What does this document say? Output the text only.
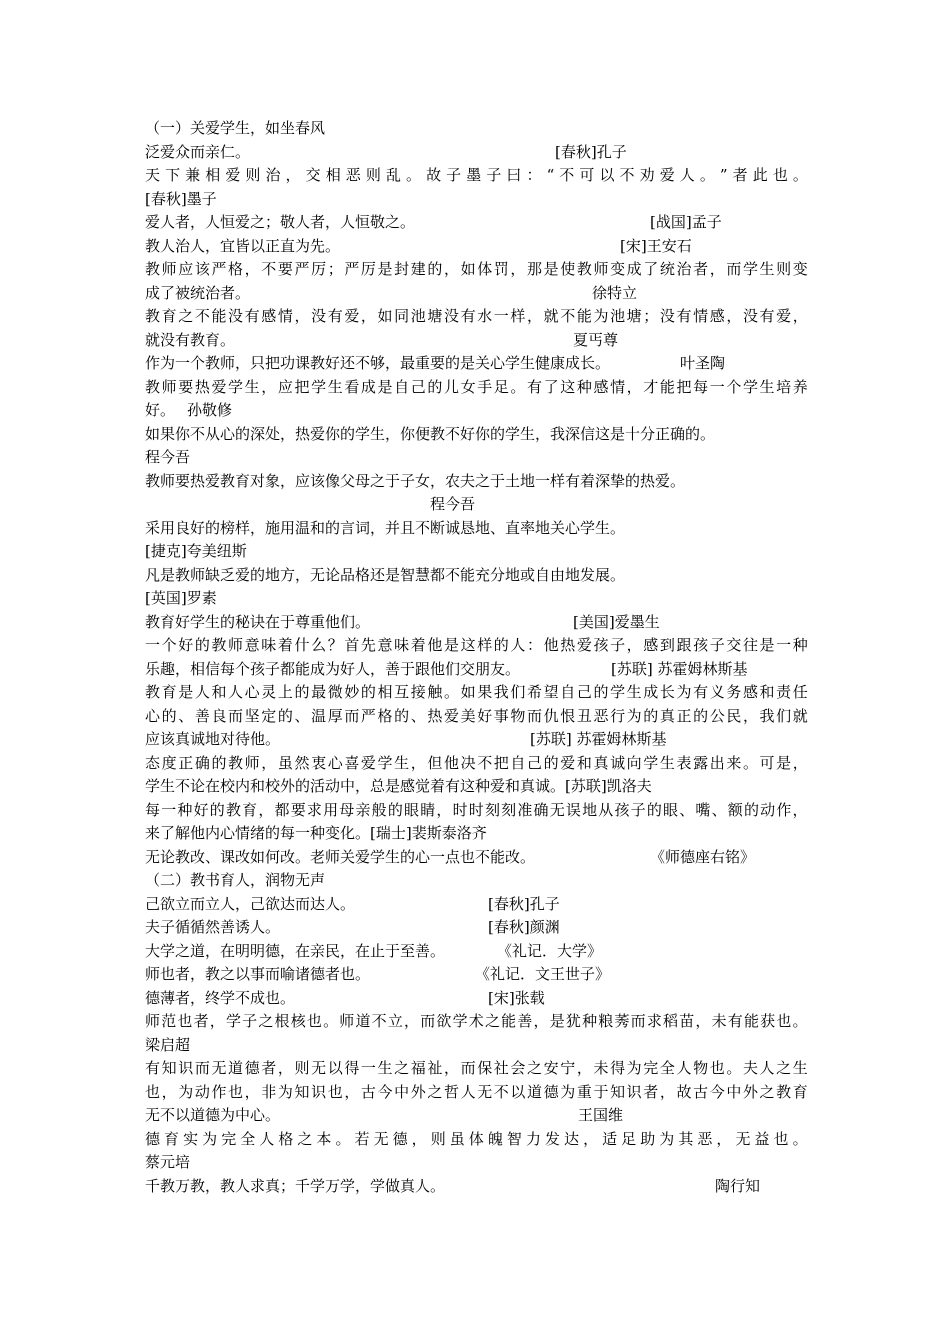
（一）关爱学生，如坐春风
泛爱众而亲仁。	[春秋]孔子
天 下 兼 相 爱 则 治 ， 交 相 恶 则 乱 。 故 子 墨 子 曰 ： “ 不 可 以 不 劝 爱 人 。 ” 者 此 也 。
[春秋]墨子
爱人者，人恒爱之；敬人者，人恒敬之。	[战国]孟子
教人治人，宜皆以正直为先。	[宋]王安石
教 师 应 该 严 格 ， 不 要 严 厉 ； 严 厉 是 封 建 的 ， 如 体 罚 ， 那 是 使 教 师 变 成 了 统 治 者 ， 而 学 生 则 变
成了被统治者。	徐特立
教 育 之 不 能 没 有 感 情 ， 没 有 爱 ， 如 同 池 塘 没 有 水 一 样 ， 就 不 能 为 池 塘 ； 没 有 情 感 ， 没 有 爱 ，
就没有教育。	夏丐尊
作为一个教师，只把功课教好还不够，最重要的是关心学生健康成长。	叶圣陶
教 师 要 热 爱 学 生 ， 应 把 学 生 看 成 是 自 己 的 儿 女 手 足 。 有 了 这 种 感 情 ， 才 能 把 每 一 个 学 生 培 养
好。 孙敬修
如果你不从心的深处，热爱你的学生，你便教不好你的学生，我深信这是十分正确的。
程今吾
教师要热爱教育对象，应该像父母之于子女，农夫之于土地一样有着深挚的热爱。
程今吾
采用良好的榜样，施用温和的言词，并且不断诚恳地、直率地关心学生。
[捷克]夸美纽斯
凡是教师缺乏爱的地方，无论品格还是智慧都不能充分地或自由地发展。
[英国]罗素
教育好学生的秘诀在于尊重他们。	[美国]爱墨生
一 个 好 的 教 师 意 味 着 什 么 ？ 首 先 意 味 着 他 是 这 样 的 人 ： 他 热 爱 孩 子 ， 感 到 跟 孩 子 交 往 是 一 种
乐趣，相信每个孩子都能成为好人，善于跟他们交朋友。	[苏联] 苏霍姆林斯基
教 育 是 人 和 人 心 灵 上 的 最 微 妙 的 相 互 接 触 。 如 果 我 们 希 望 自 己 的 学 生 成 长 为 有 义 务 感 和 责 任
心 的 、 善 良 而 坚 定 的 、 温 厚 而 严 格 的 、 热 爱 美 好 事 物 而 仇 恨 丑 恶 行 为 的 真 正 的 公 民 ， 我 们 就
应该真诚地对待他。	[苏联] 苏霍姆林斯基
态 度 正 确 的 教 师 ， 虽 然 衷 心 喜 爱 学 生 ， 但 他 决 不 把 自 己 的 爱 和 真 诚 向 学 生 表 露 出 来 。 可 是 ，
学生不论在校内和校外的活动中，总是感觉着有这种爱和真诚。[苏联]凯洛夫
每 一 种 好 的 教 育 ， 都 要 求 用 母 亲 般 的 眼 睛 ， 时 时 刻 刻 准 确 无 误 地 从 孩 子 的 眼 、 嘴 、 额 的 动 作 ，
来了解他内心情绪的每一种变化。[瑞士]裴斯泰洛齐
无论教改、课改如何改。老师关爱学生的心一点也不能改。	《师德座右铭》
（二）教书育人，润物无声
己欲立而立人，己欲达而达人。	[春秋]孔子
夫子循循然善诱人。	[春秋]颜渊
大学之道，在明明德，在亲民，在止于至善。	《礼记．大学》
师也者，教之以事而喻诸德者也。	《礼记．文王世子》
德薄者，终学不成也。	[宋]张载
师 范 也 者 ， 学 子 之 根 核 也 。 师 道 不 立 ， 而 欲 学 术 之 能 善 ， 是 犹 种 粮 莠 而 求 稻 苗 ， 未 有 能 获 也 。
梁启超
有 知 识 而 无 道 德 者 ， 则 无 以 得 一 生 之 福 祉 ， 而 保 社 会 之 安 宁 ， 未 得 为 完 全 人 物 也 。 夫 人 之 生
也 ， 为 动 作 也 ， 非 为 知 识 也 ， 古 今 中 外 之 哲 人 无 不 以 道 德 为 重 于 知 识 者 ， 故 古 今 中 外 之 教 育
无不以道德为中心。	王国维
德 育 实 为 完 全 人 格 之 本 。 若 无 德 ， 则 虽 体 魄 智 力 发 达 ， 适 足 助 为 其 恶 ， 无 益 也 。
蔡元培
千教万教，教人求真；千学万学，学做真人。	陶行知
